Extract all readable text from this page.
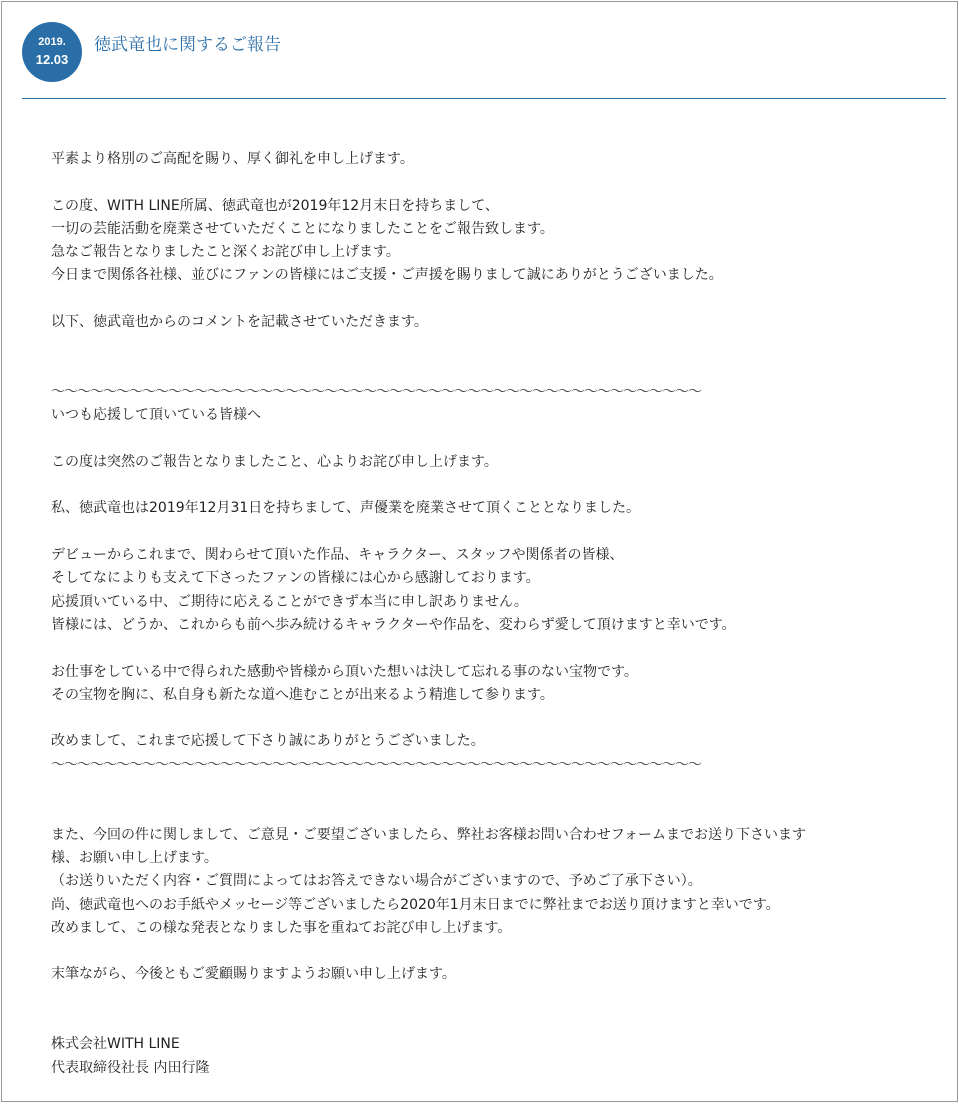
2019.
12.03
徳武竜也に関するご報告
平素より格別のご高配を賜り、厚く御礼を申し上げます。
この度、WITH LINE所属、徳武竜也が2019年12月末日を持ちまして、
一切の芸能活動を廃業させていただくことになりましたことをご報告致します。
急なご報告となりましたこと深くお詫び申し上げます。
今日まで関係各社様、並びにファンの皆様にはご支援・ご声援を賜りまして誠にありがとうございました。
以下、徳武竜也からのコメントを記載させていただきます。
〜〜〜〜〜〜〜〜〜〜〜〜〜〜〜〜〜〜〜〜〜〜〜〜〜〜〜〜〜〜〜〜〜〜〜〜〜〜〜〜〜〜〜〜〜〜〜〜〜〜
いつも応援して頂いている皆様へ
この度は突然のご報告となりましたこと、心よりお詫び申し上げます。
私、徳武竜也は2019年12月31日を持ちまして、声優業を廃業させて頂くこととなりました。
デビューからこれまで、関わらせて頂いた作品、キャラクター、スタッフや関係者の皆様、
そしてなによりも支えて下さったファンの皆様には心から感謝しております。
応援頂いている中、ご期待に応えることができず本当に申し訳ありません。
皆様には、どうか、これからも前へ歩み続けるキャラクターや作品を、変わらず愛して頂けますと幸いです。
お仕事をしている中で得られた感動や皆様から頂いた想いは決して忘れる事のない宝物です。
その宝物を胸に、私自身も新たな道へ進むことが出来るよう精進して参ります。
改めまして、これまで応援して下さり誠にありがとうございました。
〜〜〜〜〜〜〜〜〜〜〜〜〜〜〜〜〜〜〜〜〜〜〜〜〜〜〜〜〜〜〜〜〜〜〜〜〜〜〜〜〜〜〜〜〜〜〜〜〜〜
また、今回の件に関しまして、ご意見・ご要望ございましたら、弊社お客様お問い合わせフォームまでお送り下さいます
様、お願い申し上げます。
（お送りいただく内容・ご質問によってはお答えできない場合がございますので、予めご了承下さい）。
尚、徳武竜也へのお手紙やメッセージ等ございましたら2020年1月末日までに弊社までお送り頂けますと幸いです。
改めまして、この様な発表となりました事を重ねてお詫び申し上げます。
末筆ながら、今後ともご愛顧賜りますようお願い申し上げます。
株式会社WITH LINE
代表取締役社長 内田行隆
